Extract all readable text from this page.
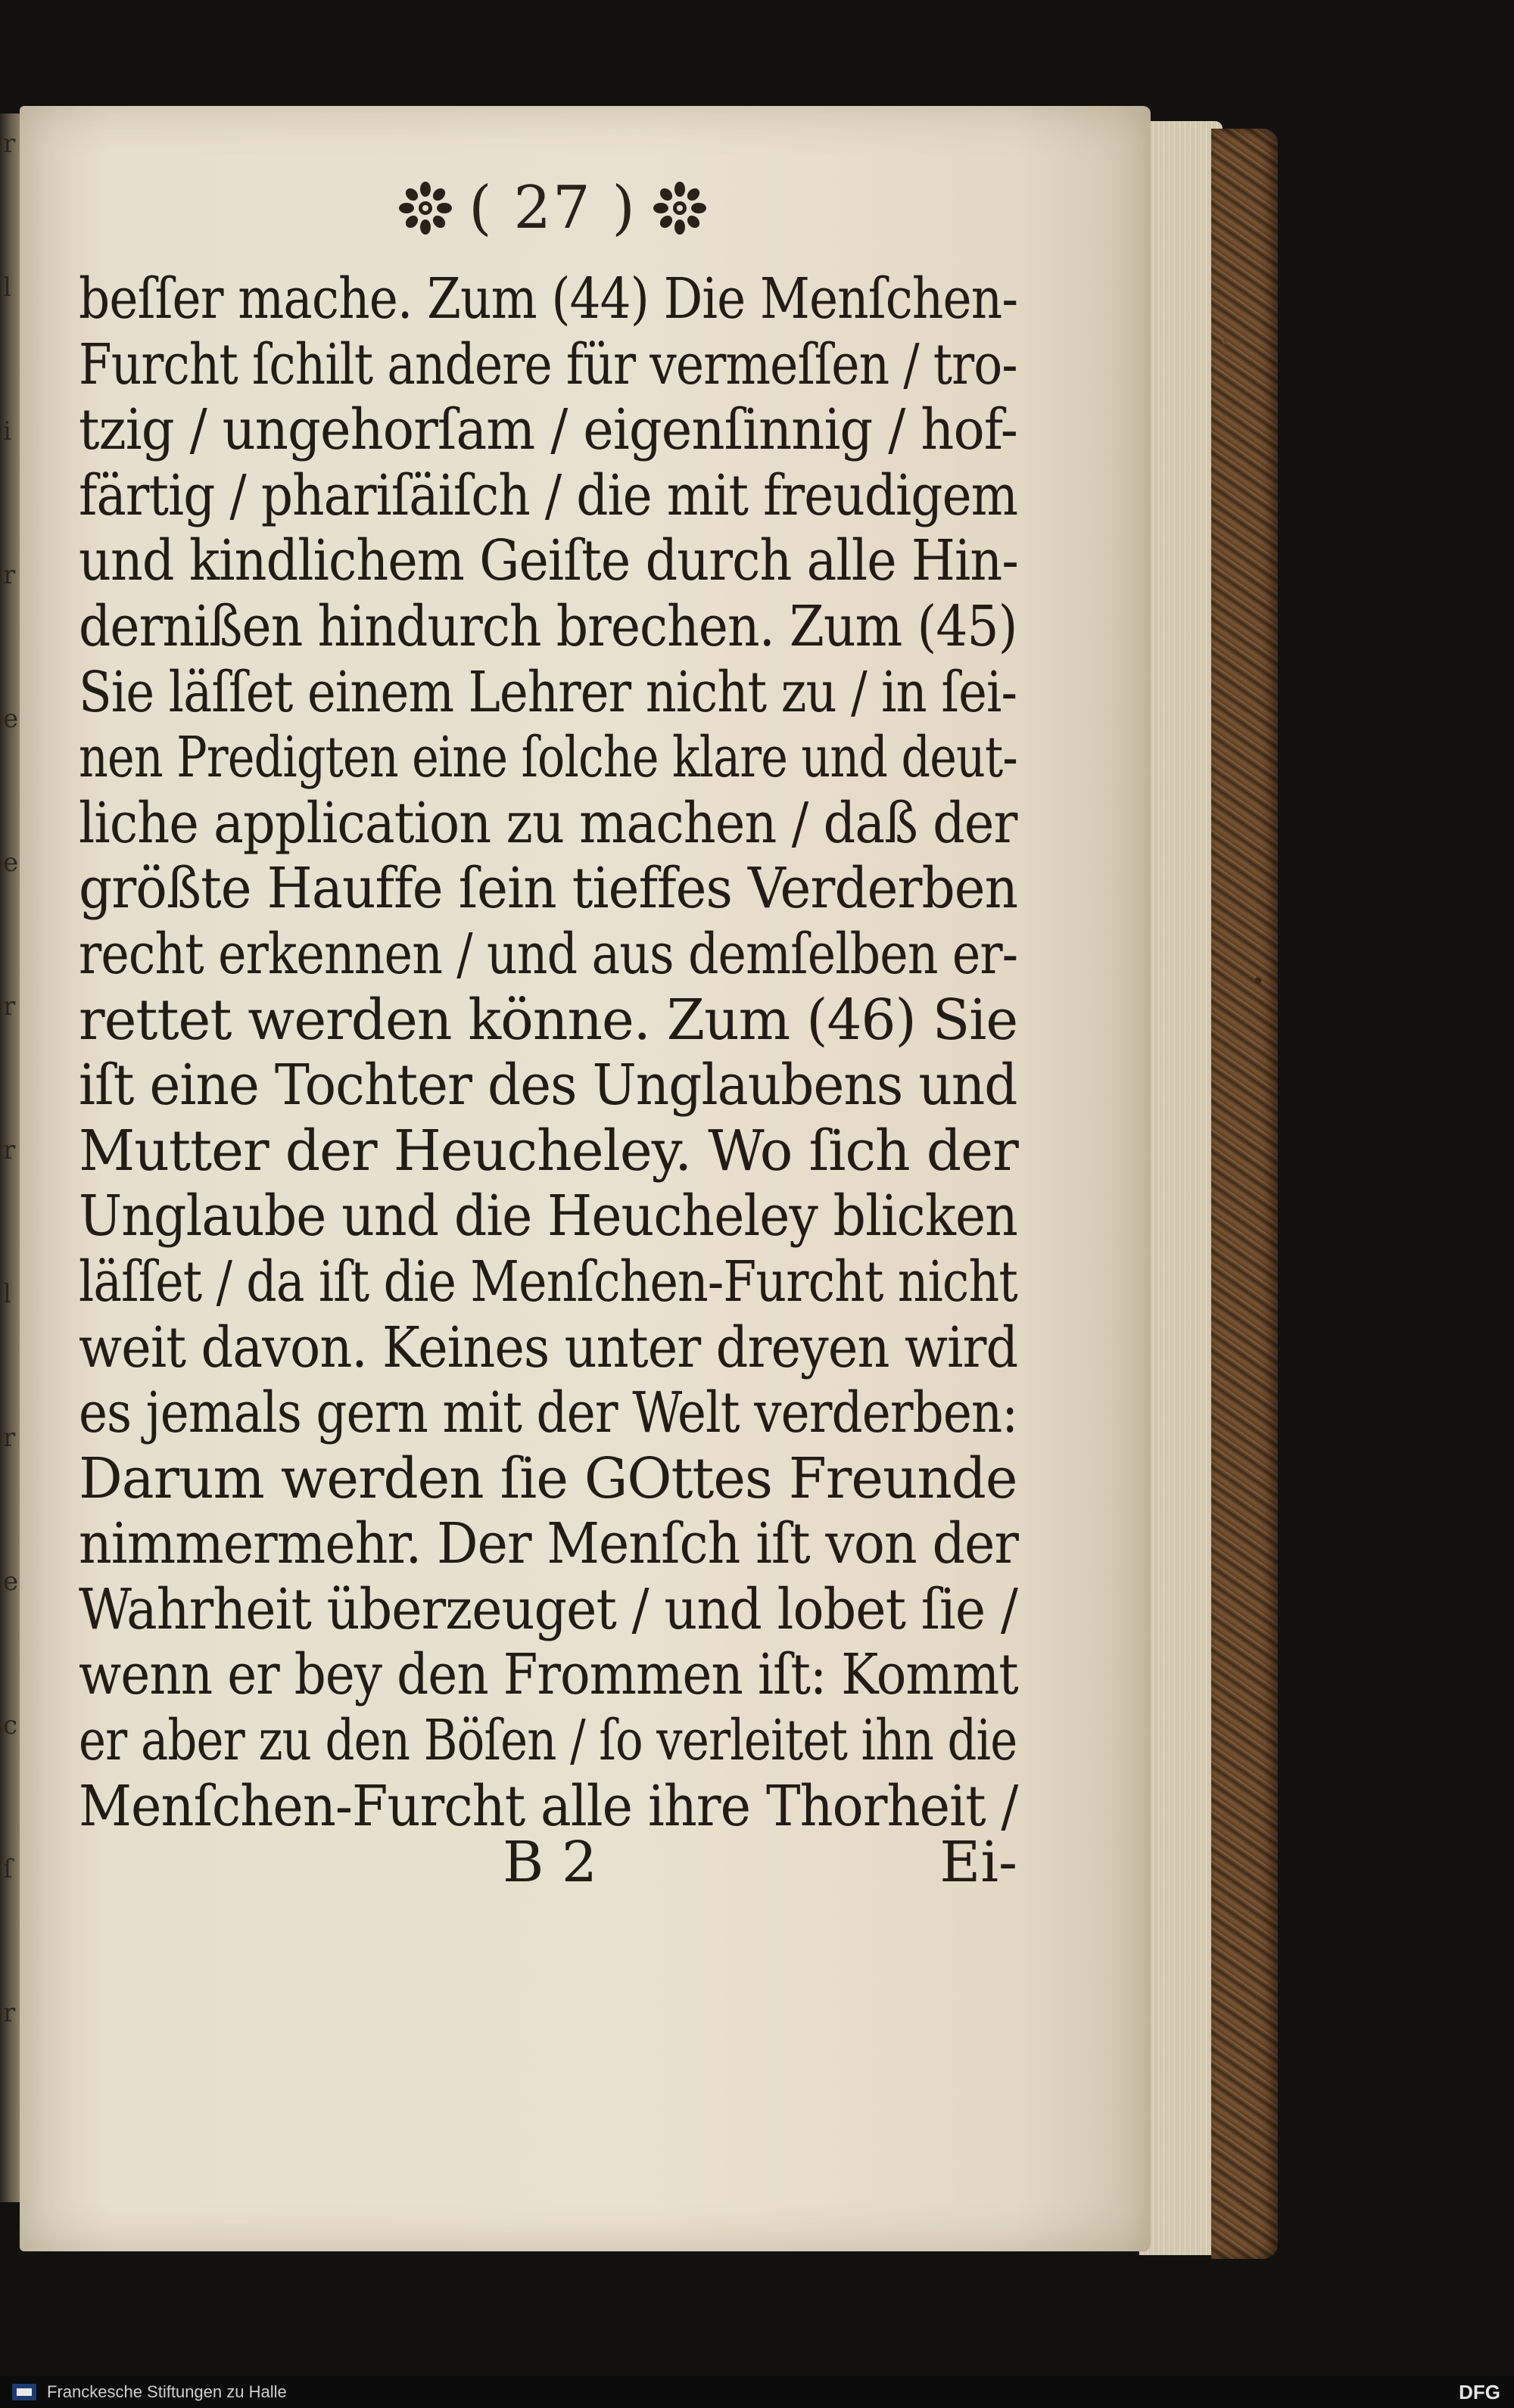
r
l
i
r
e
e
r
r
l
r
e
c
ſ
r
( 27 )
beſſer mache. Zum (44) Die Menſchen-
Furcht ſchilt andere für vermeſſen / tro-
tzig / ungehorſam / eigenſinnig / hof-
färtig / phariſäiſch / die mit freudigem
und kindlichem Geiſte durch alle Hin-
dernißen hindurch brechen. Zum (45)
Sie läſſet einem Lehrer nicht zu / in ſei-
nen Predigten eine ſolche klare und deut-
liche application zu machen / daß der
größte Hauffe ſein tieffes Verderben
recht erkennen / und aus demſelben er-
rettet werden könne. Zum (46) Sie
iſt eine Tochter des Unglaubens und
Mutter der Heucheley. Wo ſich der
Unglaube und die Heucheley blicken
läſſet / da iſt die Menſchen-Furcht nicht
weit davon. Keines unter dreyen wird
es jemals gern mit der Welt verderben:
Darum werden ſie GOttes Freunde
nimmermehr. Der Menſch iſt von der
Wahrheit überzeuget / und lobet ſie /
wenn er bey den Frommen iſt: Kommt
er aber zu den Böſen / ſo verleitet ihn die
Menſchen-Furcht alle ihre Thorheit /
B 2	Ei-
Franckesche Stiftungen zu Halle	DFG
